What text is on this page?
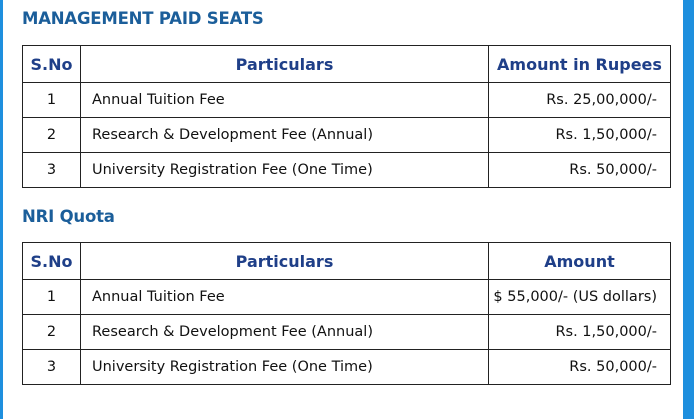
MANAGEMENT PAID SEATS
S.No	Particulars	Amount in Rupees
1	Annual Tuition Fee	Rs. 25,00,000/-
2	Research & Development Fee (Annual)	Rs. 1,50,000/-
3	University Registration Fee (One Time)	Rs. 50,000/-
NRI Quota
S.No	Particulars	Amount
1	Annual Tuition Fee	$ 55,000/- (US dollars)
2	Research & Development Fee (Annual)	Rs. 1,50,000/-
3	University Registration Fee (One Time)	Rs. 50,000/-
